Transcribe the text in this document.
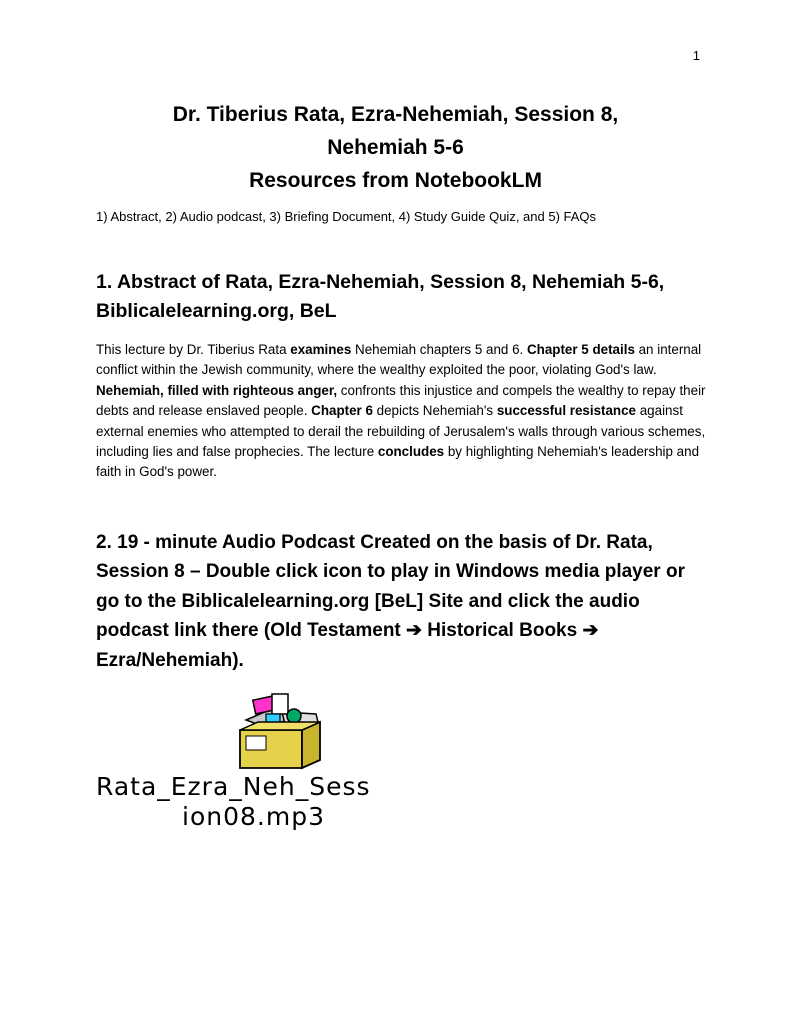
1
Dr. Tiberius Rata, Ezra-Nehemiah, Session 8,
Nehemiah 5-6
Resources from NotebookLM
1) Abstract, 2) Audio podcast, 3) Briefing Document, 4) Study Guide Quiz, and 5) FAQs
1. Abstract of Rata, Ezra-Nehemiah, Session 8, Nehemiah 5-6,
Biblicalelearning.org, BeL
This lecture by Dr. Tiberius Rata examines Nehemiah chapters 5 and 6. Chapter 5 details an internal conflict within the Jewish community, where the wealthy exploited the poor, violating God's law. Nehemiah, filled with righteous anger, confronts this injustice and compels the wealthy to repay their debts and release enslaved people. Chapter 6 depicts Nehemiah's successful resistance against external enemies who attempted to derail the rebuilding of Jerusalem's walls through various schemes, including lies and false prophecies. The lecture concludes by highlighting Nehemiah's leadership and faith in God's power.
2. 19 - minute Audio Podcast Created on the basis of Dr. Rata, Session 8 – Double click icon to play in Windows media player or go to the Biblicalelearning.org [BeL] Site and click the audio podcast link there (Old Testament ➔ Historical Books ➔ Ezra/Nehemiah).
Rata_Ezra_Neh_Sess
ion08.mp3
